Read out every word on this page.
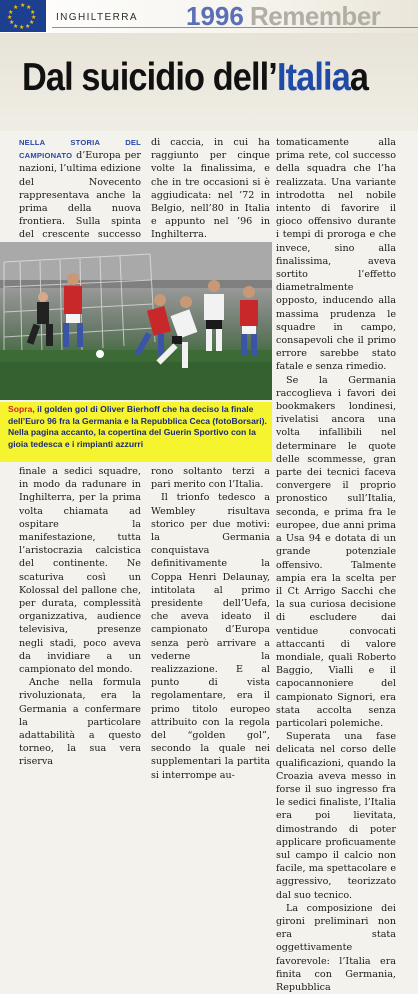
★ ★
★
★
★
★
★
★
★
★
★
★
INGHILTERRA 1996 Remember
Dal suicidio dell’Italiaa

NELLA STORIA DEL CAMPIONATO d’Europa per nazioni, l’ultima edizione del Novecento rappresentava anche la prima della nuova frontiera. Sulla spinta del crescente successo

di caccia, in cui ha raggiunto per cinque volte la finalissima, e che in tre occasioni si è aggiudicata: nel ’72 in Belgio, nell’80 in Italia e appunto nel ’96 in Inghilterra.

Sopra, il golden gol di Oliver Bierhoff che ha deciso la finale dell’Euro 96 fra la Germania e la Repubblica Ceca (fotoBorsari). Nella pagina accanto, la copertina del Guerin Sportivo con la gioia tedesca e i rimpianti azzurri

finale a sedici squadre, in modo da radunare in Inghilterra, per la prima volta chiamata ad ospitare la manifestazione, tutta l’aristocrazia calcistica del continente. Ne scaturiva così un Kolossal del pallone che, per durata, complessità organizzativa, audience televisiva, presenze negli stadi, poco aveva da invidiare a un campionato del mondo.

Anche nella formula rivoluzionata, era la Germania a confermare la particolare adattabilità a questo torneo, la sua vera riserva

rono soltanto terzi a pari merito con l’Italia.

Il trionfo tedesco a Wembley risultava storico per due motivi: la Germania conquistava definitivamente la Coppa Henri Delaunay, intitolata al primo presidente dell’Uefa, che aveva ideato il campionato d’Europa senza però arrivare a vederne la realizzazione. E al punto di vista regolamentare, era il primo titolo europeo attribuito con la regola del “golden gol”, secondo la quale nei supplementari la partita si interrompe au-

tomaticamente alla prima rete, col successo della squadra che l’ha realizzata. Una variante introdotta nel nobile intento di favorire il gioco offensivo durante i tempi di proroga e che invece, sino alla finalissima, aveva sortito l’effetto diametralmente opposto, inducendo alla massima prudenza le squadre in campo, consapevoli che il primo errore sarebbe stato fatale e senza rimedio.

Se la Germania raccoglieva i favori dei bookmakers londinesi, rivelatisi ancora una volta infallibili nel determinare le quote delle scommesse, gran parte dei tecnici faceva convergere il proprio pronostico sull’Italia, seconda, e prima fra le europee, due anni prima a Usa 94 e dotata di un grande potenziale offensivo. Talmente ampia era la scelta per il Ct Arrigo Sacchi che la sua curiosa decisione di escludere dai ventidue convocati attaccanti di valore mondiale, quali Roberto Baggio, Vialli e il capocannoniere del campionato Signori, era stata accolta senza particolari polemiche.

Superata una fase delicata nel corso delle qualificazioni, quando la Croazia aveva messo in forse il suo ingresso fra le sedici finaliste, l’Italia era poi lievitata, dimostrando di poter applicare proficuamente sul campo il calcio non facile, ma spettacolare e aggressivo, teorizzato dal suo tecnico.

La composizione dei gironi preliminari non era stata oggettivamente favorevole: l’Italia era finita con Germania, Repubblica
